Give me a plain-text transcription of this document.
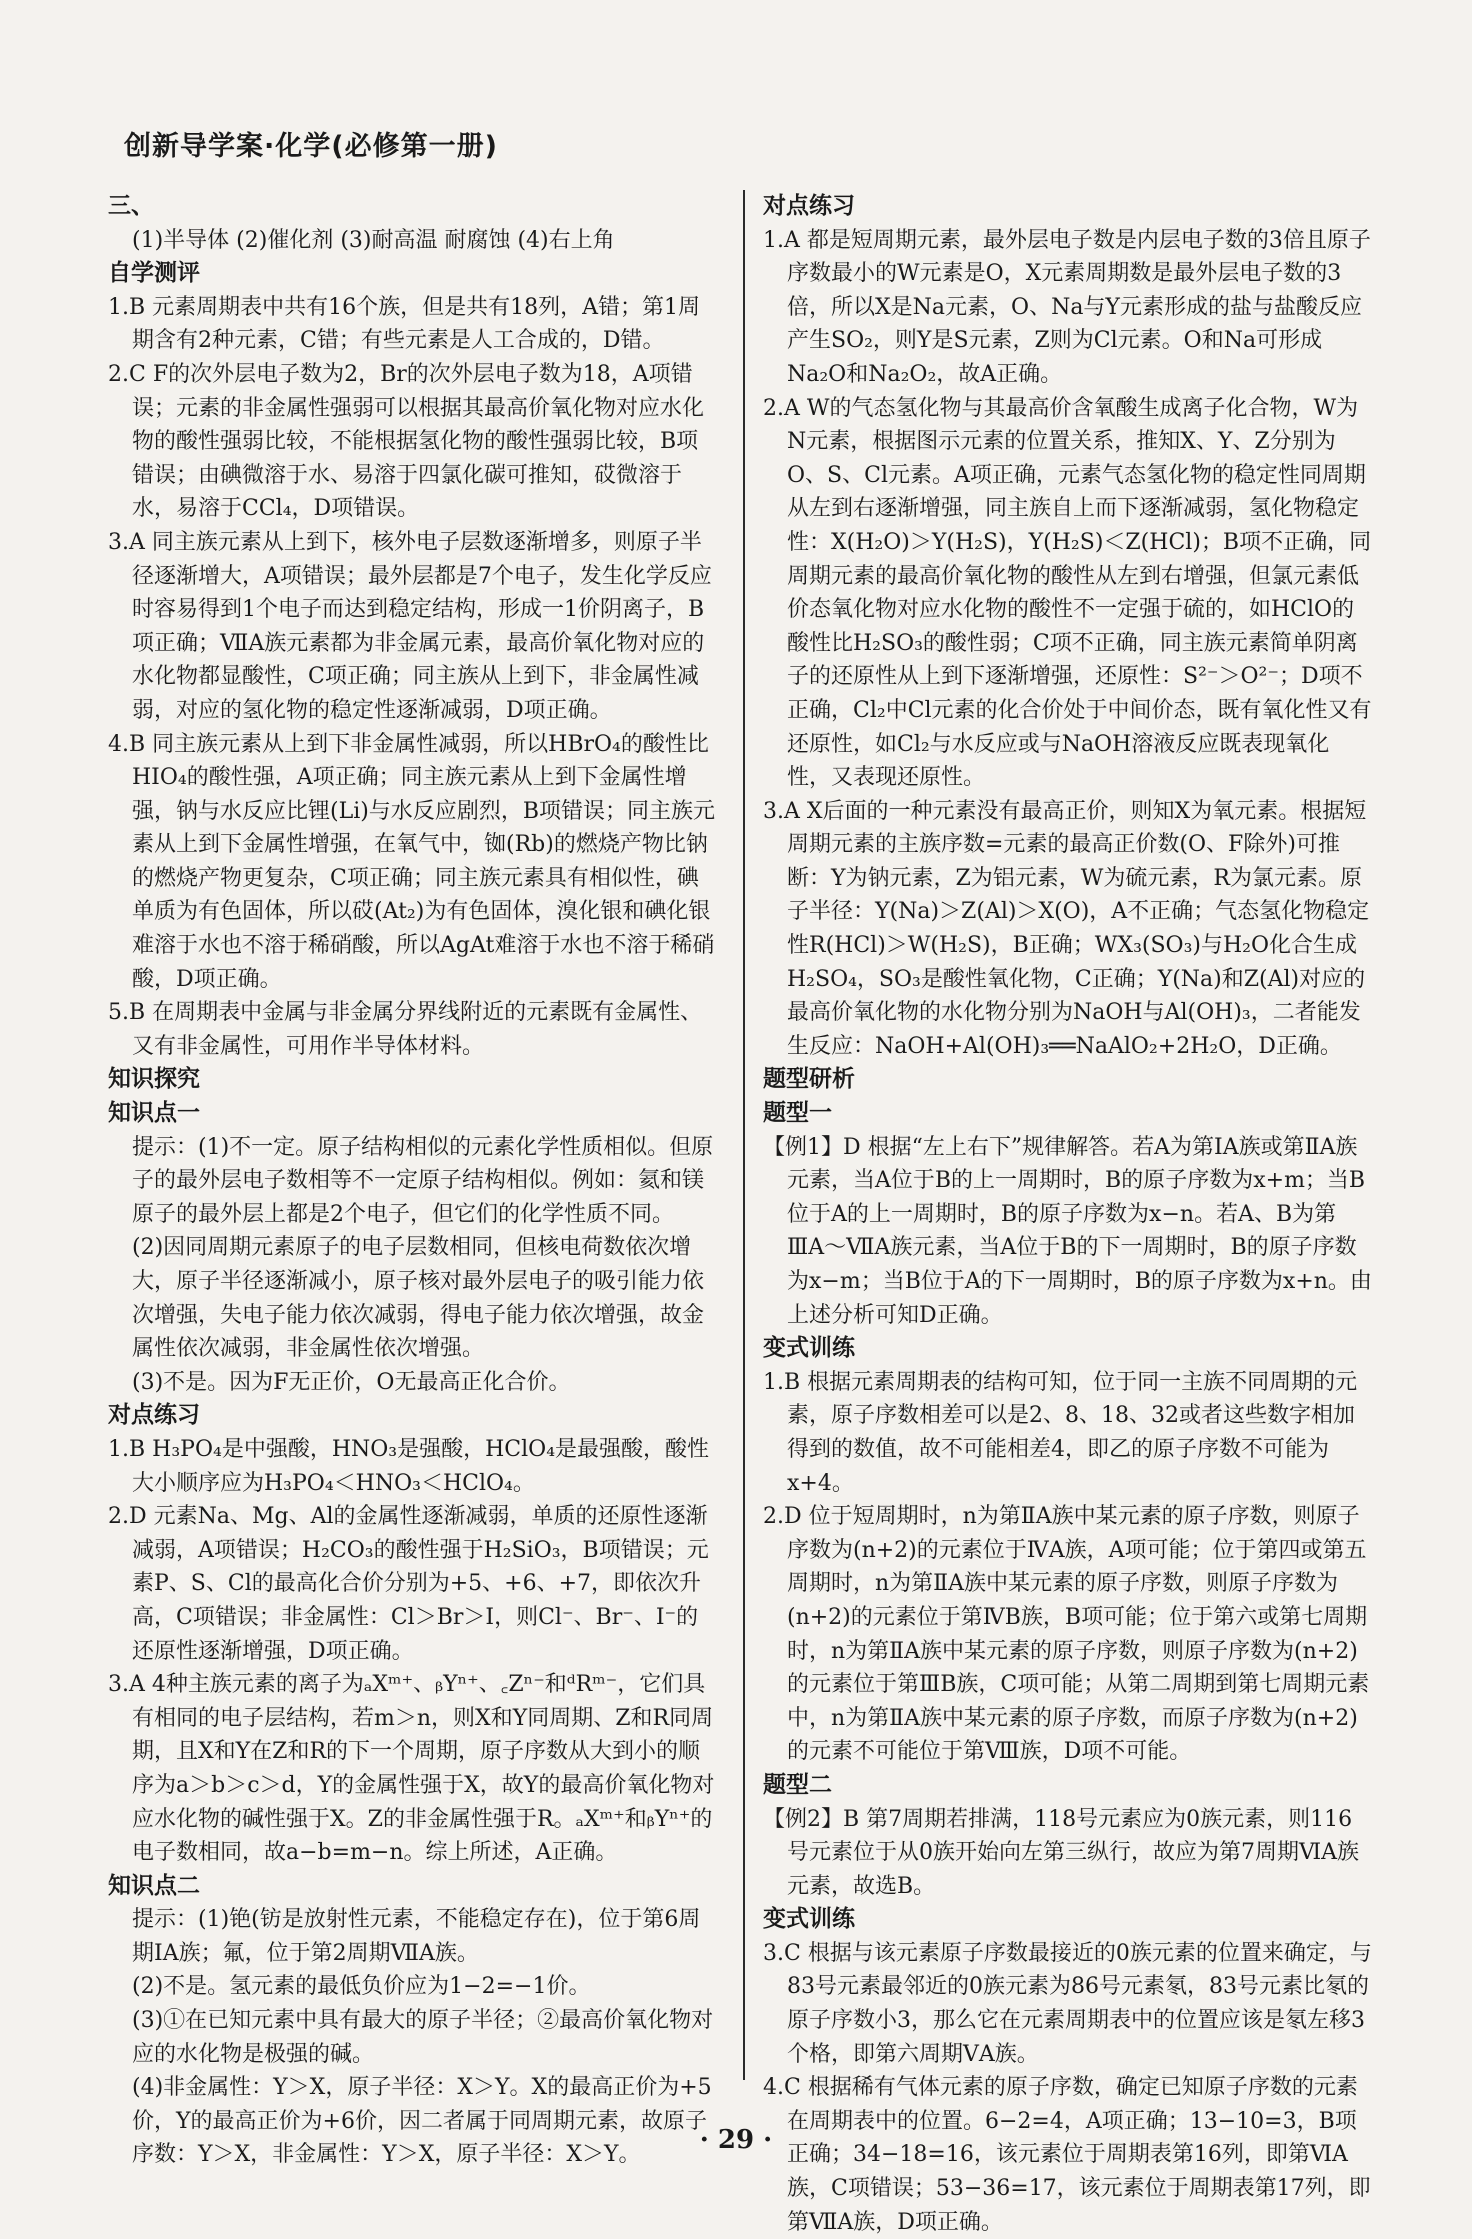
创新导学案·化学(必修第一册)

三、

(1)半导体 (2)催化剂 (3)耐高温 耐腐蚀 (4)右上角

自学测评

1.B 元素周期表中共有16个族，但是共有18列，A错；第1周期含有2种元素，C错；有些元素是人工合成的，D错。

2.C F的次外层电子数为2，Br的次外层电子数为18，A项错误；元素的非金属性强弱可以根据其最高价氧化物对应水化物的酸性强弱比较，不能根据氢化物的酸性强弱比较，B项错误；由碘微溶于水、易溶于四氯化碳可推知，砹微溶于水，易溶于CCl₄，D项错误。

3.A 同主族元素从上到下，核外电子层数逐渐增多，则原子半径逐渐增大，A项错误；最外层都是7个电子，发生化学反应时容易得到1个电子而达到稳定结构，形成一1价阴离子，B项正确；ⅦA族元素都为非金属元素，最高价氧化物对应的水化物都显酸性，C项正确；同主族从上到下，非金属性减弱，对应的氢化物的稳定性逐渐减弱，D项正确。

4.B 同主族元素从上到下非金属性减弱，所以HBrO₄的酸性比HIO₄的酸性强，A项正确；同主族元素从上到下金属性增强，钠与水反应比锂(Li)与水反应剧烈，B项错误；同主族元素从上到下金属性增强，在氧气中，铷(Rb)的燃烧产物比钠的燃烧产物更复杂，C项正确；同主族元素具有相似性，碘单质为有色固体，所以砹(At₂)为有色固体，溴化银和碘化银难溶于水也不溶于稀硝酸，所以AgAt难溶于水也不溶于稀硝酸，D项正确。

5.B 在周期表中金属与非金属分界线附近的元素既有金属性、又有非金属性，可用作半导体材料。

知识探究

知识点一

提示：(1)不一定。原子结构相似的元素化学性质相似。但原子的最外层电子数相等不一定原子结构相似。例如：氦和镁原子的最外层上都是2个电子，但它们的化学性质不同。

(2)因同周期元素原子的电子层数相同，但核电荷数依次增大，原子半径逐渐减小，原子核对最外层电子的吸引能力依次增强，失电子能力依次减弱，得电子能力依次增强，故金属性依次减弱，非金属性依次增强。

(3)不是。因为F无正价，O无最高正化合价。

对点练习

1.B H₃PO₄是中强酸，HNO₃是强酸，HClO₄是最强酸，酸性大小顺序应为H₃PO₄＜HNO₃＜HClO₄。

2.D 元素Na、Mg、Al的金属性逐渐减弱，单质的还原性逐渐减弱，A项错误；H₂CO₃的酸性强于H₂SiO₃，B项错误；元素P、S、Cl的最高化合价分别为+5、+6、+7，即依次升高，C项错误；非金属性：Cl＞Br＞I，则Cl⁻、Br⁻、I⁻的还原性逐渐增强，D项正确。

3.A 4种主族元素的离子为ₐXᵐ⁺、ᵦYⁿ⁺、꜀Zⁿ⁻和ᵈRᵐ⁻，它们具有相同的电子层结构，若m＞n，则X和Y同周期、Z和R同周期，且X和Y在Z和R的下一个周期，原子序数从大到小的顺序为a＞b＞c＞d，Y的金属性强于X，故Y的最高价氧化物对应水化物的碱性强于X。Z的非金属性强于R。ₐXᵐ⁺和ᵦYⁿ⁺的电子数相同，故a−b=m−n。综上所述，A正确。

知识点二

提示：(1)铯(钫是放射性元素，不能稳定存在)，位于第6周期ⅠA族；氟，位于第2周期ⅦA族。

(2)不是。氢元素的最低负价应为1−2=−1价。

(3)①在已知元素中具有最大的原子半径；②最高价氧化物对应的水化物是极强的碱。

(4)非金属性：Y＞X，原子半径：X＞Y。X的最高正价为+5价，Y的最高正价为+6价，因二者属于同周期元素，故原子序数：Y＞X，非金属性：Y＞X，原子半径：X＞Y。

对点练习

1.A 都是短周期元素，最外层电子数是内层电子数的3倍且原子序数最小的W元素是O，X元素周期数是最外层电子数的3倍，所以X是Na元素，O、Na与Y元素形成的盐与盐酸反应产生SO₂，则Y是S元素，Z则为Cl元素。O和Na可形成Na₂O和Na₂O₂，故A正确。

2.A W的气态氢化物与其最高价含氧酸生成离子化合物，W为N元素，根据图示元素的位置关系，推知X、Y、Z分别为O、S、Cl元素。A项正确，元素气态氢化物的稳定性同周期从左到右逐渐增强，同主族自上而下逐渐减弱，氢化物稳定性：X(H₂O)＞Y(H₂S)，Y(H₂S)＜Z(HCl)；B项不正确，同周期元素的最高价氧化物的酸性从左到右增强，但氯元素低价态氧化物对应水化物的酸性不一定强于硫的，如HClO的酸性比H₂SO₃的酸性弱；C项不正确，同主族元素简单阴离子的还原性从上到下逐渐增强，还原性：S²⁻＞O²⁻；D项不正确，Cl₂中Cl元素的化合价处于中间价态，既有氧化性又有还原性，如Cl₂与水反应或与NaOH溶液反应既表现氧化性，又表现还原性。

3.A X后面的一种元素没有最高正价，则知X为氧元素。根据短周期元素的主族序数=元素的最高正价数(O、F除外)可推断：Y为钠元素，Z为铝元素，W为硫元素，R为氯元素。原子半径：Y(Na)＞Z(Al)＞X(O)，A不正确；气态氢化物稳定性R(HCl)＞W(H₂S)，B正确；WX₃(SO₃)与H₂O化合生成H₂SO₄，SO₃是酸性氧化物，C正确；Y(Na)和Z(Al)对应的最高价氧化物的水化物分别为NaOH与Al(OH)₃，二者能发生反应：NaOH+Al(OH)₃══NaAlO₂+2H₂O，D正确。

题型研析

题型一

【例1】D 根据“左上右下”规律解答。若A为第ⅠA族或第ⅡA族元素，当A位于B的上一周期时，B的原子序数为x+m；当B位于A的上一周期时，B的原子序数为x−n。若A、B为第ⅢA～ⅦA族元素，当A位于B的下一周期时，B的原子序数为x−m；当B位于A的下一周期时，B的原子序数为x+n。由上述分析可知D正确。

变式训练

1.B 根据元素周期表的结构可知，位于同一主族不同周期的元素，原子序数相差可以是2、8、18、32或者这些数字相加得到的数值，故不可能相差4，即乙的原子序数不可能为x+4。

2.D 位于短周期时，n为第ⅡA族中某元素的原子序数，则原子序数为(n+2)的元素位于ⅣA族，A项可能；位于第四或第五周期时，n为第ⅡA族中某元素的原子序数，则原子序数为(n+2)的元素位于第ⅣB族，B项可能；位于第六或第七周期时，n为第ⅡA族中某元素的原子序数，则原子序数为(n+2)的元素位于第ⅢB族，C项可能；从第二周期到第七周期元素中，n为第ⅡA族中某元素的原子序数，而原子序数为(n+2)的元素不可能位于第Ⅷ族，D项不可能。

题型二

【例2】B 第7周期若排满，118号元素应为0族元素，则116号元素位于从0族开始向左第三纵行，故应为第7周期ⅥA族元素，故选B。

变式训练

3.C 根据与该元素原子序数最接近的0族元素的位置来确定，与83号元素最邻近的0族元素为86号元素氡，83号元素比氡的原子序数小3，那么它在元素周期表中的位置应该是氡左移3个格，即第六周期ⅤA族。

4.C 根据稀有气体元素的原子序数，确定已知原子序数的元素在周期表中的位置。6−2=4，A项正确；13−10=3，B项正确；34−18=16，该元素位于周期表第16列，即第ⅥA族，C项错误；53−36=17，该元素位于周期表第17列，即第ⅦA族，D项正确。

· 29 ·
